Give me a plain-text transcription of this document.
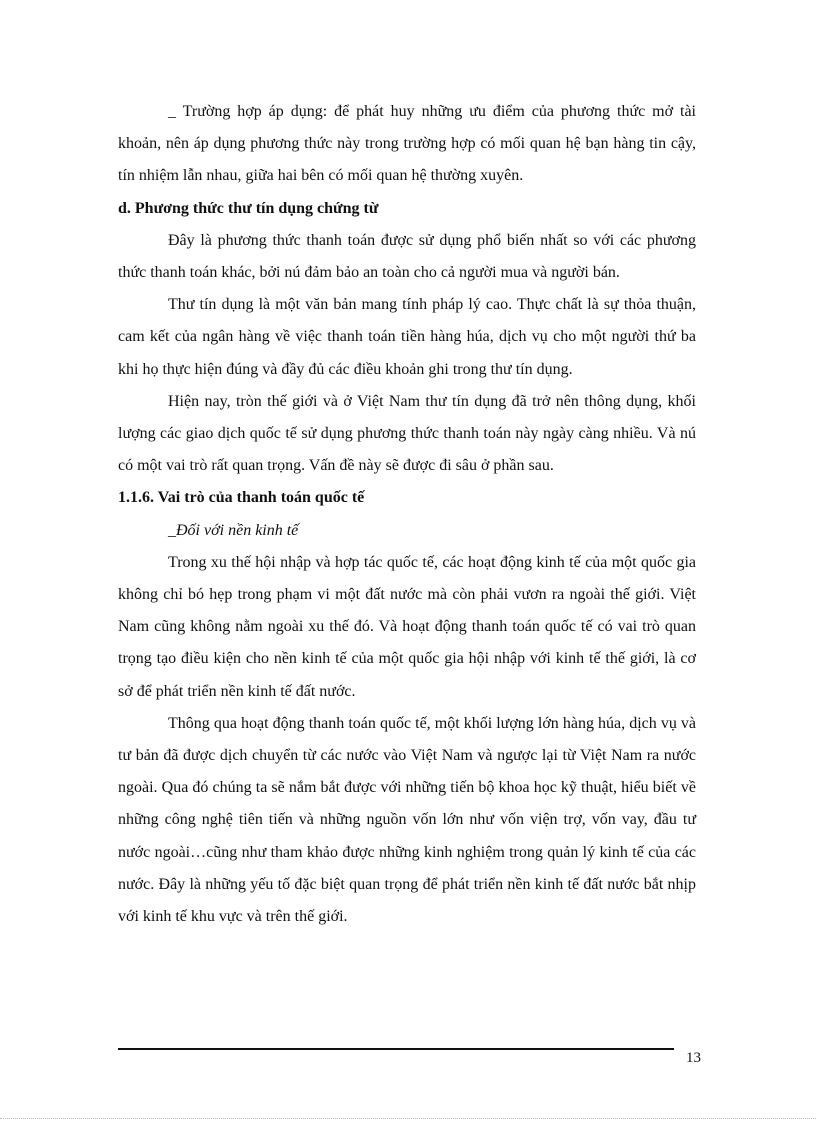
_ Trường hợp áp dụng: để phát huy những ưu điểm của phương thức mở tài khoản, nên áp dụng phương thức này trong trường hợp có mối quan hệ bạn hàng tin cậy, tín nhiệm lẫn nhau, giữa hai bên có mối quan hệ thường xuyên.

d. Phương thức thư tín dụng chứng từ

Đây là phương thức thanh toán được sử dụng phổ biến nhất so với các phương thức thanh toán khác, bởi nú đảm bảo an toàn cho cả người mua và người bán.

Thư tín dụng là một văn bản mang tính pháp lý cao. Thực chất là sự thỏa thuận, cam kết của ngân hàng về việc thanh toán tiền hàng húa, dịch vụ cho một người thứ ba khi họ thực hiện đúng và đầy đủ các điều khoản ghi trong thư tín dụng.

Hiện nay, tròn thế giới và ở Việt Nam thư tín dụng đã trở nên thông dụng, khối lượng các giao dịch quốc tế sử dụng phương thức thanh toán này ngày càng nhiều. Và nú có một vai trò rất quan trọng. Vấn đề này sẽ được đi sâu ở phần sau.

1.1.6. Vai trò của thanh toán quốc tế

_Đối với nền kinh tế

Trong xu thế hội nhập và hợp tác quốc tế, các hoạt động kinh tế của một quốc gia không chỉ bó hẹp trong phạm vi một đất nước mà còn phải vươn ra ngoài thế giới. Việt Nam cũng không nằm ngoài xu thế đó. Và hoạt động thanh toán quốc tế có vai trò quan trọng tạo điều kiện cho nền kinh tế của một quốc gia hội nhập với kinh tế thế giới, là cơ sở để phát triển nền kinh tế đất nước.

Thông qua hoạt động thanh toán quốc tế, một khối lượng lớn hàng húa, dịch vụ và tư bản đã được dịch chuyển từ các nước vào Việt Nam và ngược lại từ Việt Nam ra nước ngoài. Qua đó chúng ta sẽ nắm bắt được với những tiến bộ khoa học kỹ thuật, hiểu biết về những công nghệ tiên tiến và những nguồn vốn lớn như vốn viện trợ, vốn vay, đầu tư nước ngoài…cũng như tham khảo được những kinh nghiệm trong quản lý kinh tế của các nước. Đây là những yếu tố đặc biệt quan trọng để phát triển nền kinh tế đất nước bắt nhịp với kinh tế khu vực và trên thế giới.

13
